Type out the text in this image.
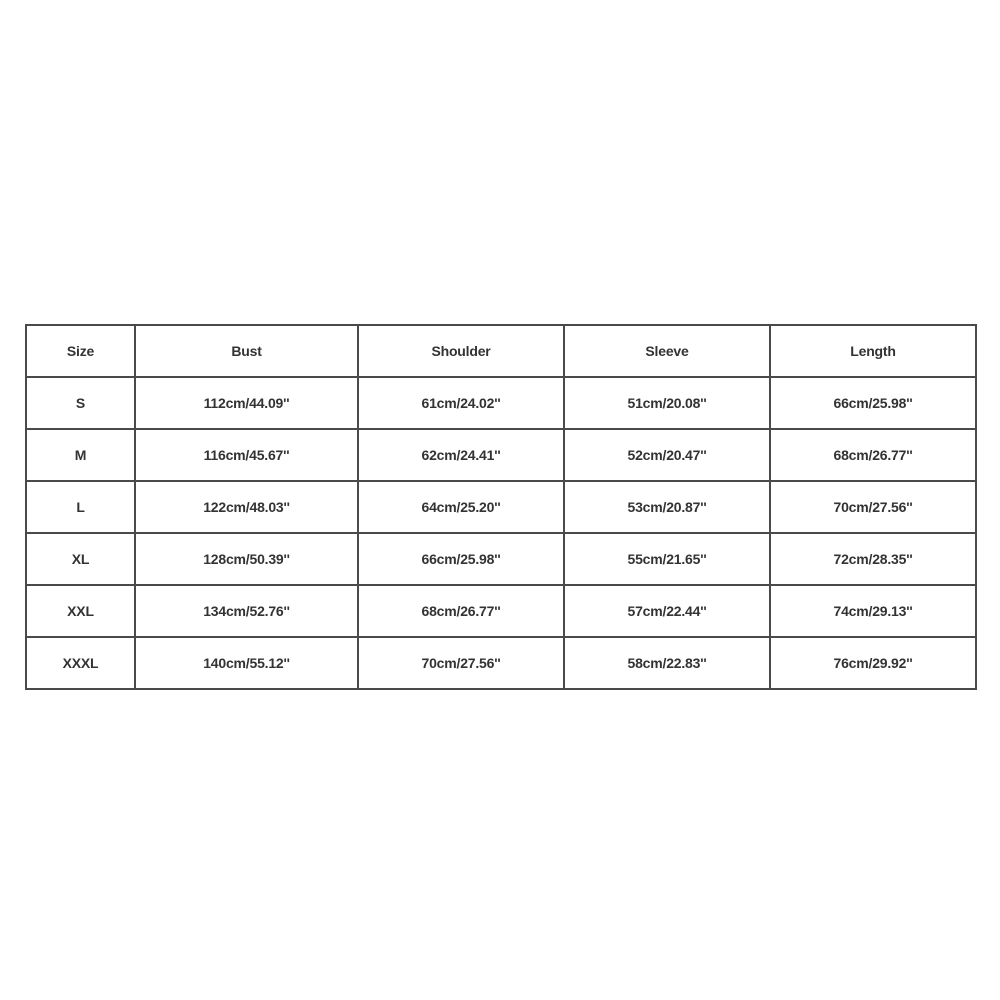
Size	Bust	Shoulder	Sleeve	Length
S	112cm/44.09''	61cm/24.02''	51cm/20.08''	66cm/25.98''
M	116cm/45.67''	62cm/24.41''	52cm/20.47''	68cm/26.77''
L	122cm/48.03''	64cm/25.20''	53cm/20.87''	70cm/27.56''
XL	128cm/50.39''	66cm/25.98''	55cm/21.65''	72cm/28.35''
XXL	134cm/52.76''	68cm/26.77''	57cm/22.44''	74cm/29.13''
XXXL	140cm/55.12''	70cm/27.56''	58cm/22.83''	76cm/29.92''
